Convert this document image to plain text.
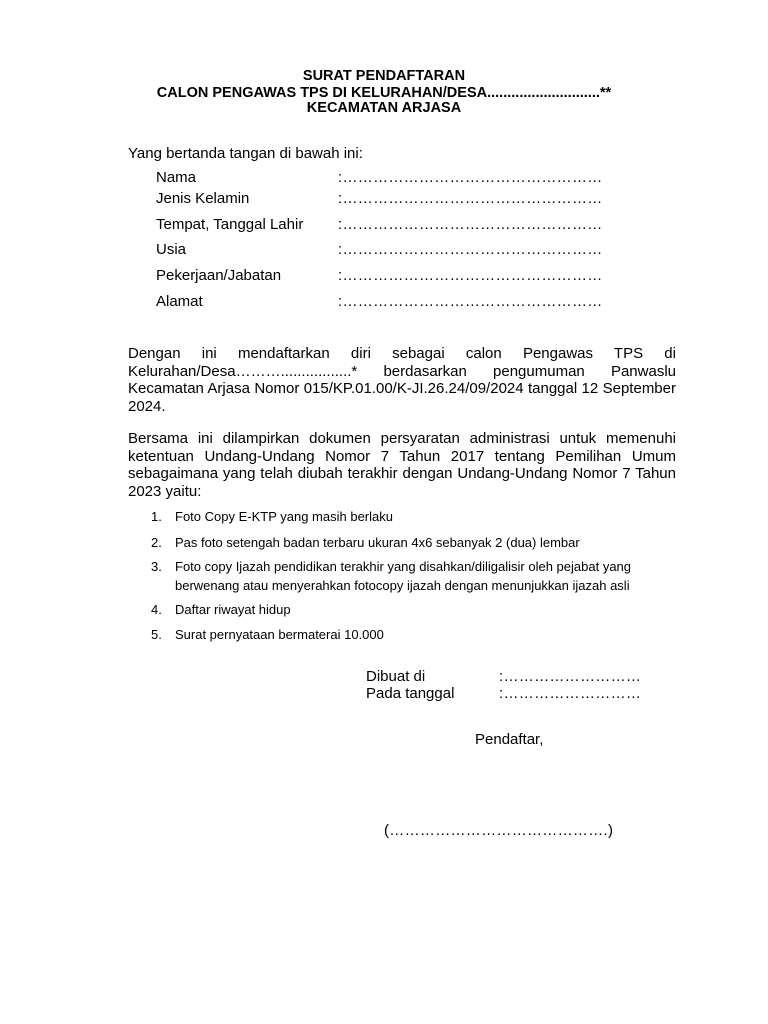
SURAT PENDAFTARAN
CALON PENGAWAS TPS DI KELURAHAN/DESA............................**
KECAMATAN ARJASA
Yang bertanda tangan di bawah ini:
Nama	:……………………………………………
Jenis Kelamin	:……………………………………………
Tempat, Tanggal Lahir :……………………………………………
Usia	:……………………………………………
Pekerjaan/Jabatan	:……………………………………………
Alamat	:……………………………………………
Dengan ini mendaftarkan diri sebagai calon Pengawas TPS di Kelurahan/Desa……….................* berdasarkan pengumuman Panwaslu Kecamatan Arjasa Nomor 015/KP.01.00/K-JI.26.24/09/2024 tanggal 12 September 2024.
Bersama ini dilampirkan dokumen persyaratan administrasi untuk memenuhi ketentuan Undang-Undang Nomor 7 Tahun 2017 tentang Pemilihan Umum sebagaimana yang telah diubah terakhir dengan Undang-Undang Nomor 7 Tahun 2023 yaitu:
1. Foto Copy E-KTP yang masih berlaku
2. Pas foto setengah badan terbaru ukuran 4x6 sebanyak 2 (dua) lembar
3. Foto copy Ijazah pendidikan terakhir yang disahkan/diligalisir oleh pejabat yang berwenang atau menyerahkan fotocopy ijazah dengan menunjukkan ijazah asli
4. Daftar riwayat hidup
5. Surat pernyataan bermaterai 10.000
Dibuat di	:………………………
Pada tanggal	:………………………
Pendaftar,
(…………………………………….)
